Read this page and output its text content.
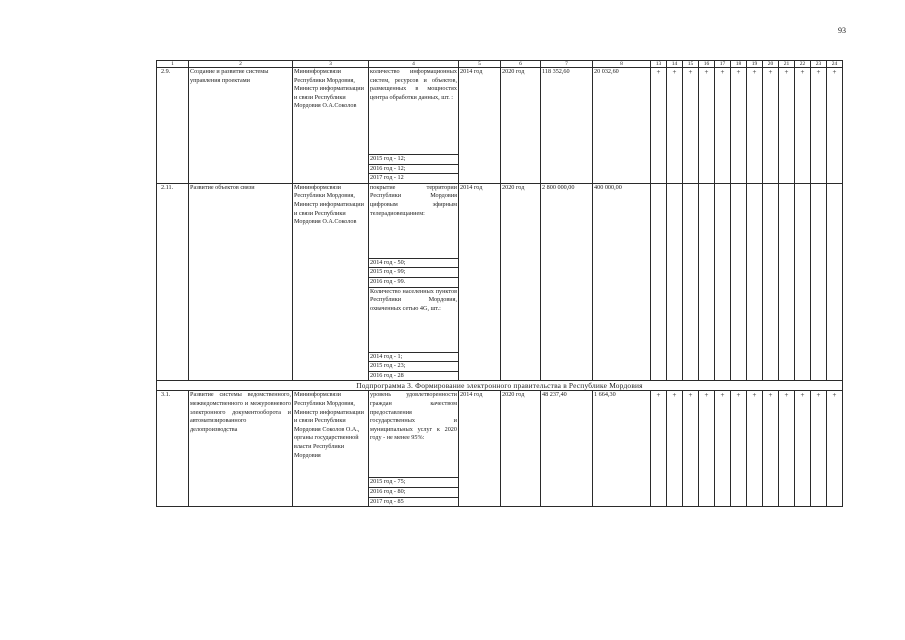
93
1	2	3	4	5	6	7	8	13	14	15	16	17	18	19	20	21	22	23	24
2.9.	Создание и развитие системы управления проектами	Мининформсвязи Республики Мордовия, Министр информатизации и связи Республики Мордовия О.А.Соколов	количество информационных систем, ресурсов и объектов, размещенных в мощностях центра обработки данных, шт. :	2014 год	2020 год	118 352,60	20 032,60	+	+	+	+	+	+	+	+	+	+	+	+
			2015 год - 12;																
			2016 год - 12;																
			2017 год - 12																
2.11.	Развитие объектов связи	Мининформсвязи Республики Мордовия, Министр информатизации и связи Республики Мордовия О.А.Соколов	покрытие территории Республики Мордовия цифровым эфирным телерадиовещанием:	2014 год	2020 год	2 800 000,00	400 000,00												
			2014 год - 50;																
			2015 год - 99;																
			2016 год - 99.																
			Количество населенных пунктов Республики Мордовия, охваченных сетью 4G, шт.:																
			2014 год - 1;																
			2015 год - 23;																
			2016 год - 28																
Подпрограмма 3. Формирование электронного правительства в Республике Мордовия																			
3.1.	Развитие системы ведомственного, межведомственного и межуровневого электронного документооборота и автоматизированного делопроизводства	Мининформсвязи Республики Мордовия, Министр информатизации и связи Республики Мордовия Соколов О.А., органы государственной власти Республики Мордовия	уровень удовлетворенности граждан качеством предоставления государственных и муниципальных услуг к 2020 году - не менее 95%:	2014 год	2020 год	48 237,40	1 664,30	+	+	+	+	+	+	+	+	+	+	+	+
			2015 год - 75;																
			2016 год - 80;																
			2017 год - 85																
